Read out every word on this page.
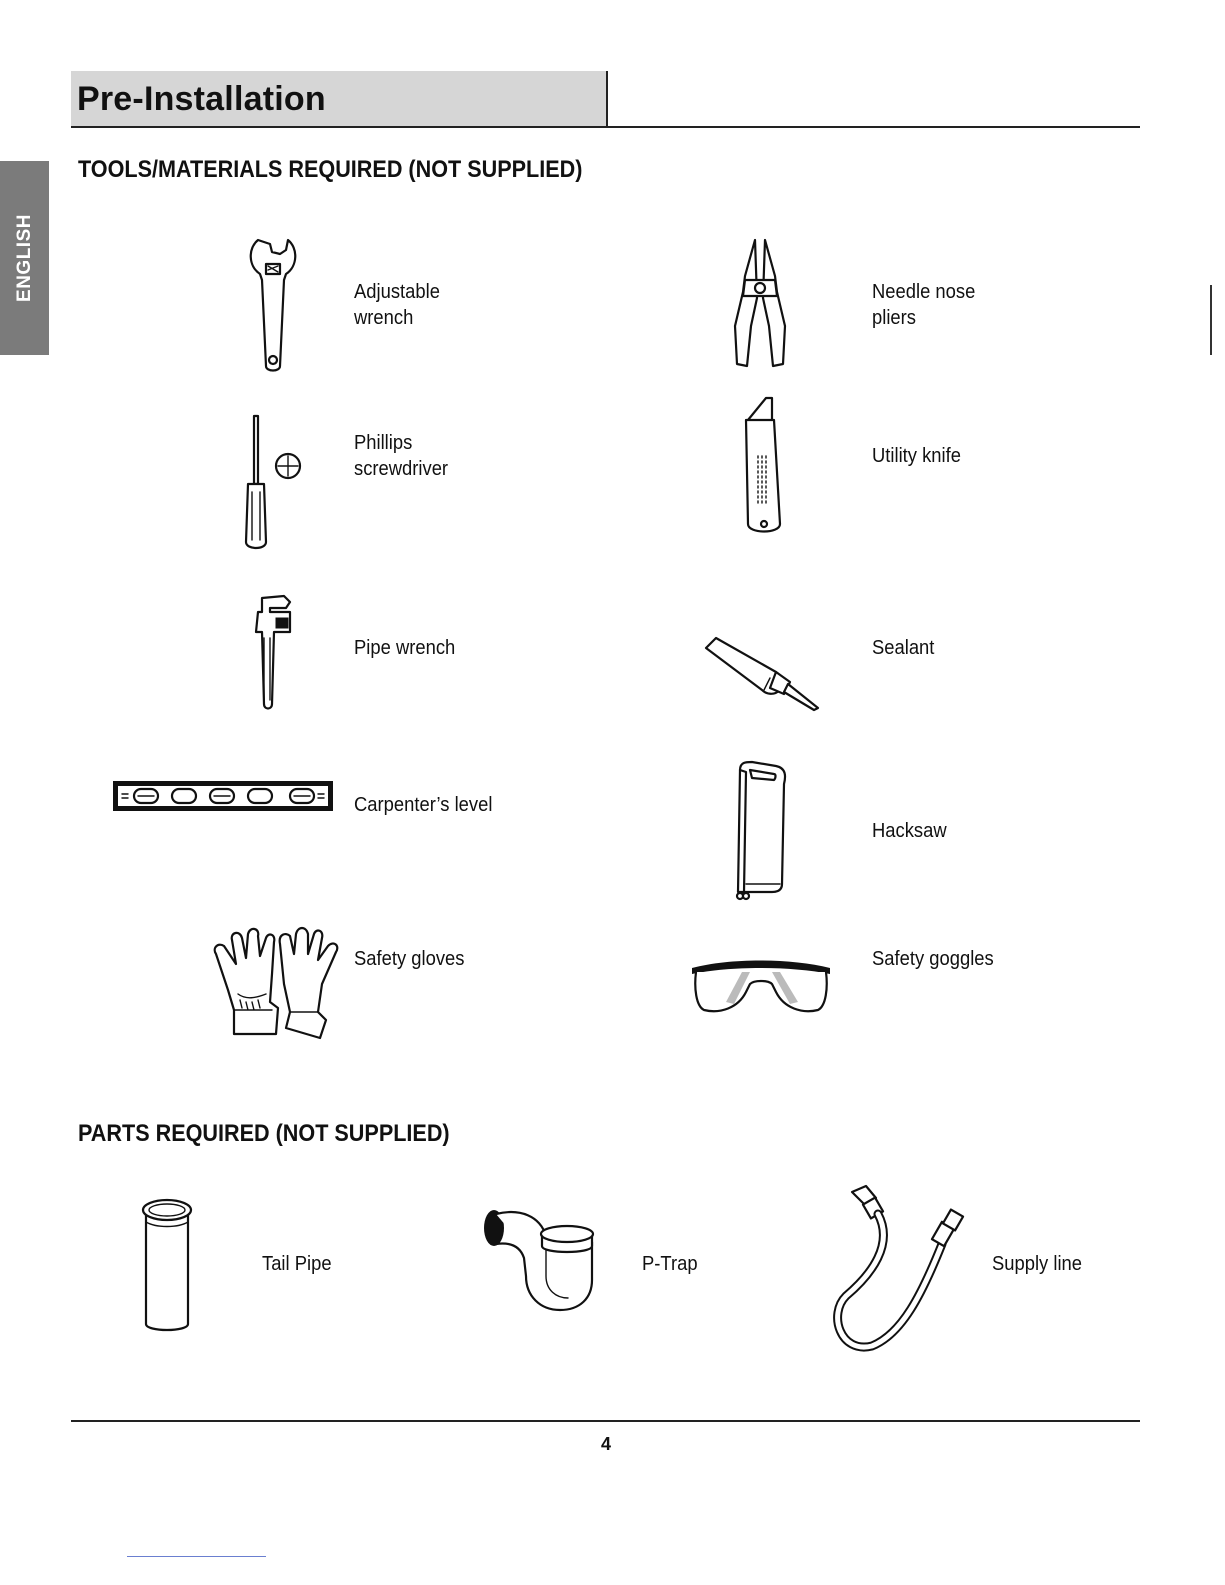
Pre-Installation
ENGLISH
TOOLS/MATERIALS REQUIRED (NOT SUPPLIED)
Adjustable
wrench
Needle nose
pliers
Phillips
screwdriver
Utility knife
Pipe wrench	Sealant
Carpenter’s level
Hacksaw
Safety gloves	Safety goggles
PARTS REQUIRED (NOT SUPPLIED)
Tail Pipe	P-Trap	Supply line
4
